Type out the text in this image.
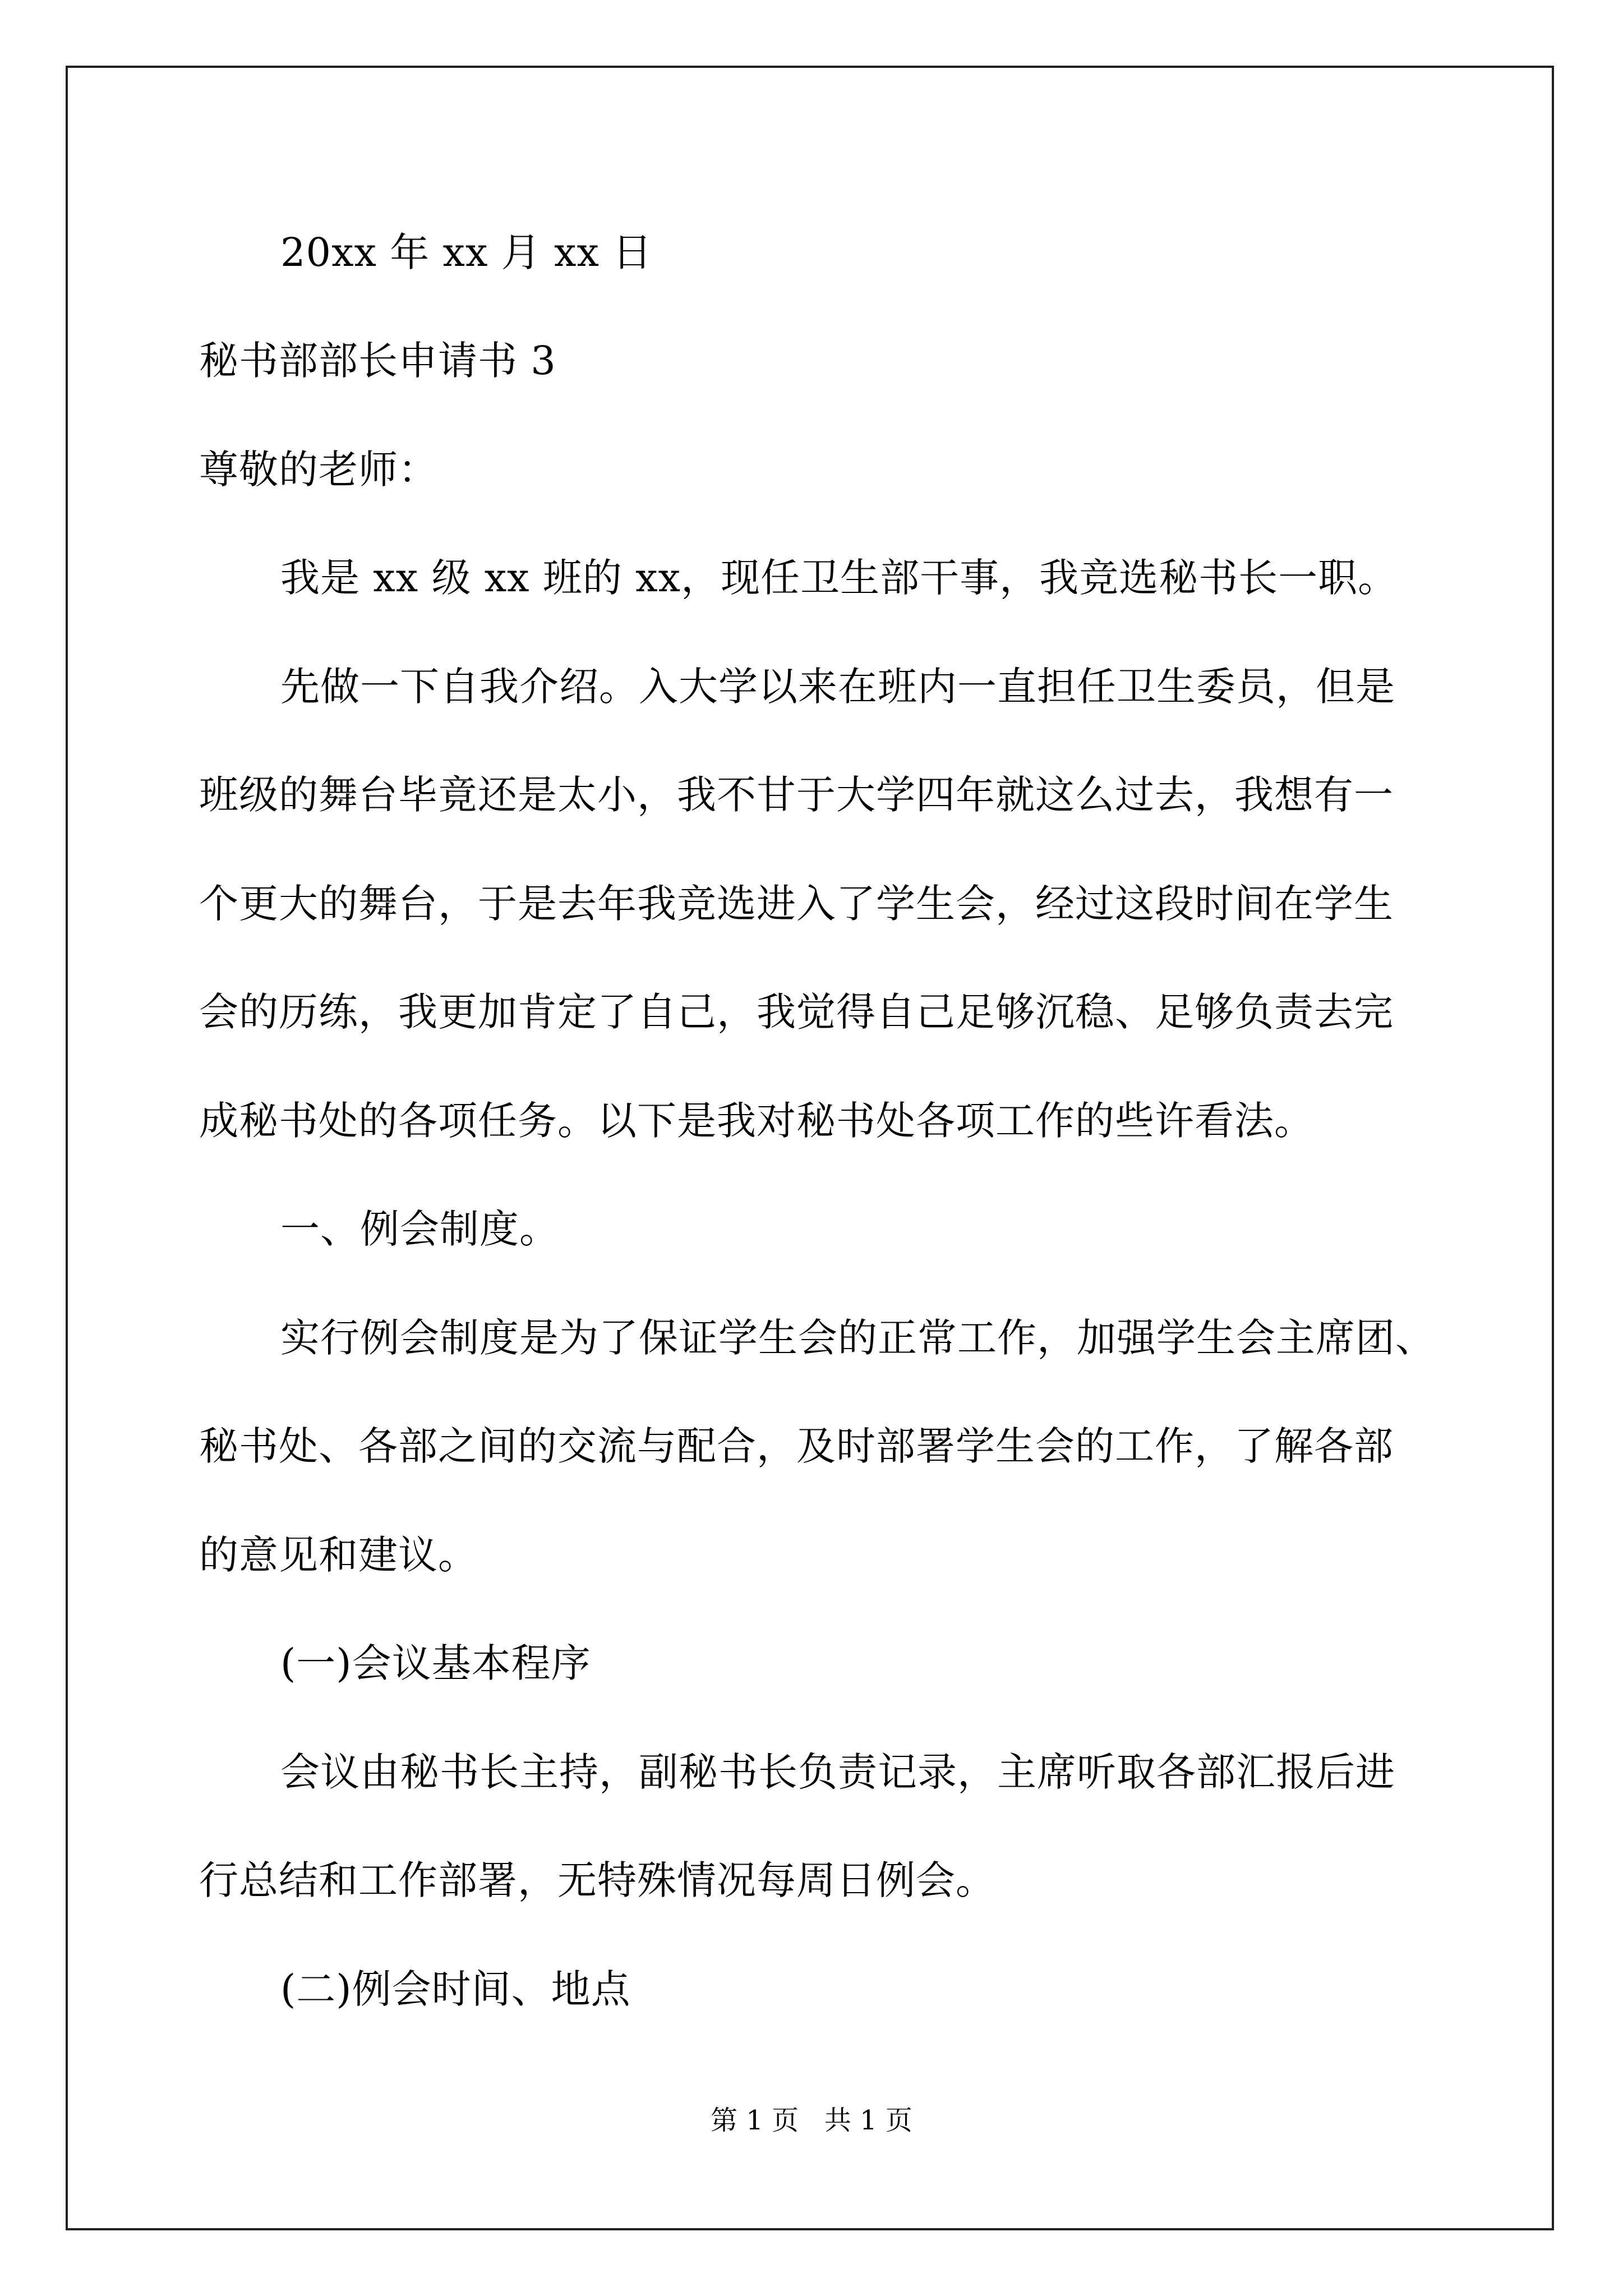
20xx 年 xx 月 xx 日
秘书部部长申请书 3
尊敬的老师：
我是 xx 级 xx 班的 xx，现任卫生部干事，我竞选秘书长一职。
先做一下自我介绍。入大学以来在班内一直担任卫生委员，但是
班级的舞台毕竟还是太小，我不甘于大学四年就这么过去，我想有一
个更大的舞台，于是去年我竞选进入了学生会，经过这段时间在学生
会的历练，我更加肯定了自己，我觉得自己足够沉稳、足够负责去完
成秘书处的各项任务。以下是我对秘书处各项工作的些许看法。
一、例会制度。
实行例会制度是为了保证学生会的正常工作，加强学生会主席团、
秘书处、各部之间的交流与配合，及时部署学生会的工作，了解各部
的意见和建议。
(一)会议基本程序
会议由秘书长主持，副秘书长负责记录，主席听取各部汇报后进
行总结和工作部署，无特殊情况每周日例会。
(二)例会时间、地点
第 1 页   共 1 页
